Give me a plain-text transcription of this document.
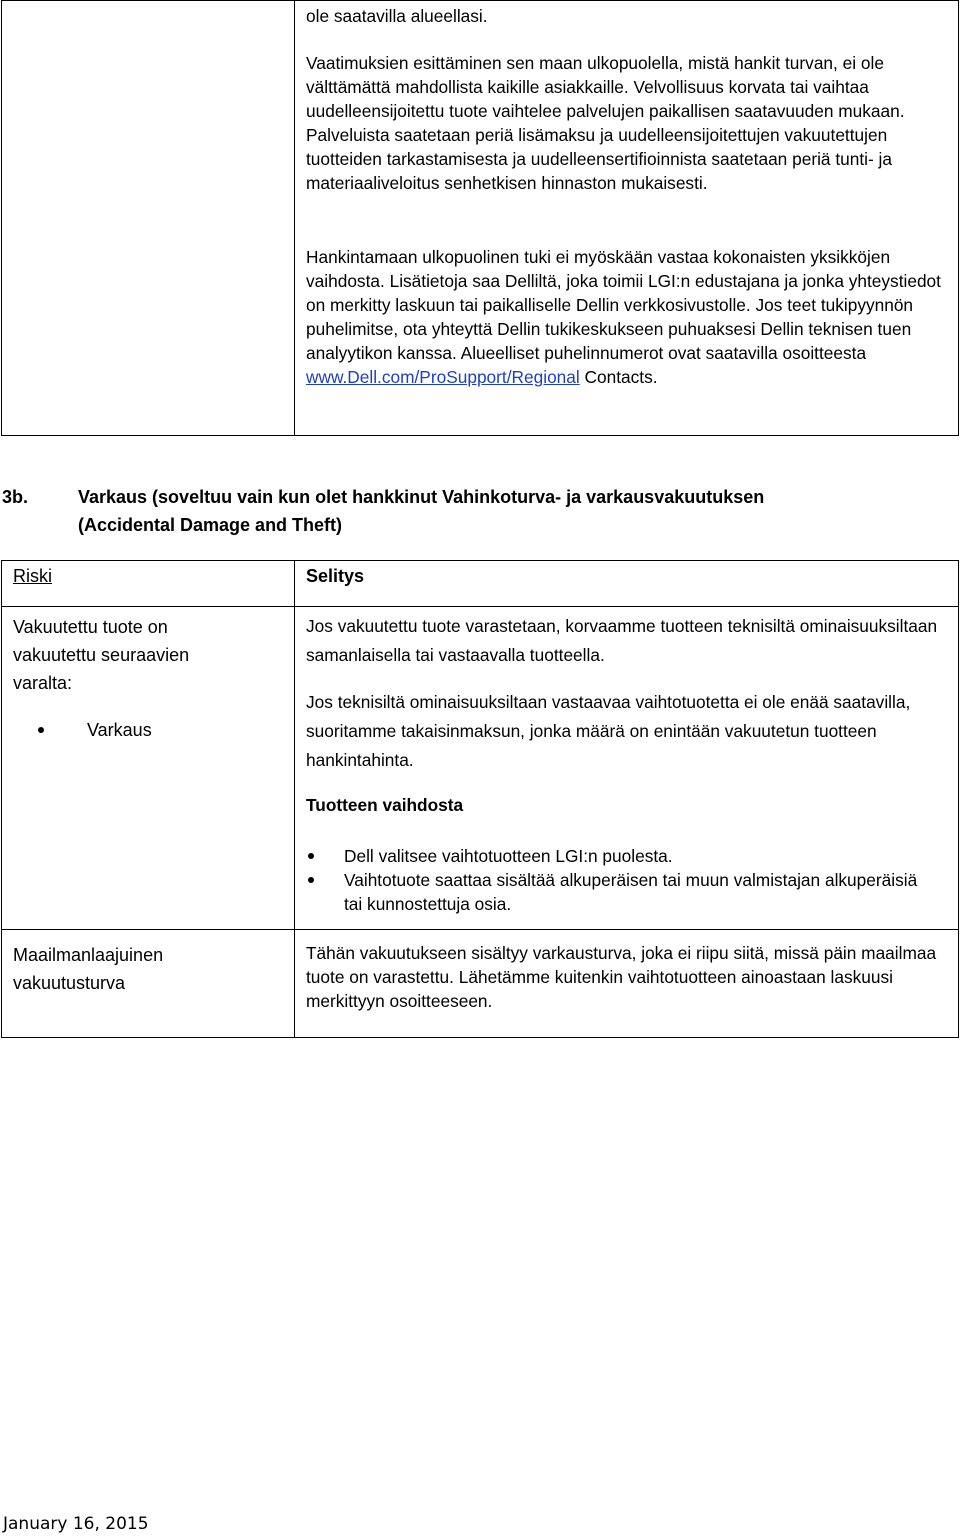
ole saatavilla alueellasi.

Vaatimuksien esittäminen sen maan ulkopuolella, mistä hankit turvan, ei ole välttämättä mahdollista kaikille asiakkaille. Velvollisuus korvata tai vaihtaa uudelleensijoitettu tuote vaihtelee palvelujen paikallisen saatavuuden mukaan. Palveluista saatetaan periä lisämaksu ja uudelleensijoitettujen vakuutettujen tuotteiden tarkastamisesta ja uudelleensertifioinnista saatetaan periä tunti- ja materiaaliveloitus senhetkisen hinnaston mukaisesti.

Hankintamaan ulkopuolinen tuki ei myöskään vastaa kokonaisten yksikköjen vaihdosta. Lisätietoja saa Delliltä, joka toimii LGI:n edustajana ja jonka yhteystiedot on merkitty laskuun tai paikalliselle Dellin verkkosivustolle. Jos teet tukipyynnön puhelimitse, ota yhteyttä Dellin tukikeskukseen puhuaksesi Dellin teknisen tuen analyytikon kanssa. Alueelliset puhelinnumerot ovat saatavilla osoitteesta www.Dell.com/ProSupport/Regional Contacts.

3b.	Varkaus (soveltuu vain kun olet hankkinut Vahinkoturva- ja varkausvakuutuksen
(Accidental Damage and Theft)
Riski	Selitys

Vakuutettu tuote on vakuutettu seuraavien varalta:

Varkaus

Jos vakuutettu tuote varastetaan, korvaamme tuotteen teknisiltä ominaisuuksiltaan samanlaisella tai vastaavalla tuotteella.

Jos teknisiltä ominaisuuksiltaan vastaavaa vaihtotuotetta ei ole enää saatavilla, suoritamme takaisinmaksun, jonka määrä on enintään vakuutetun tuotteen hankintahinta.

Tuotteen vaihdosta
Dell valitsee vaihtotuotteen LGI:n puolesta.
Vaihtotuote saattaa sisältää alkuperäisen tai muun valmistajan alkuperäisiä tai kunnostettuja osia.

Maailmanlaajuinen vakuutusturva

Tähän vakuutukseen sisältyy varkausturva, joka ei riipu siitä, missä päin maailmaa tuote on varastettu. Lähetämme kuitenkin vaihtotuotteen ainoastaan laskuusi merkittyyn osoitteeseen.

January 16, 2015
